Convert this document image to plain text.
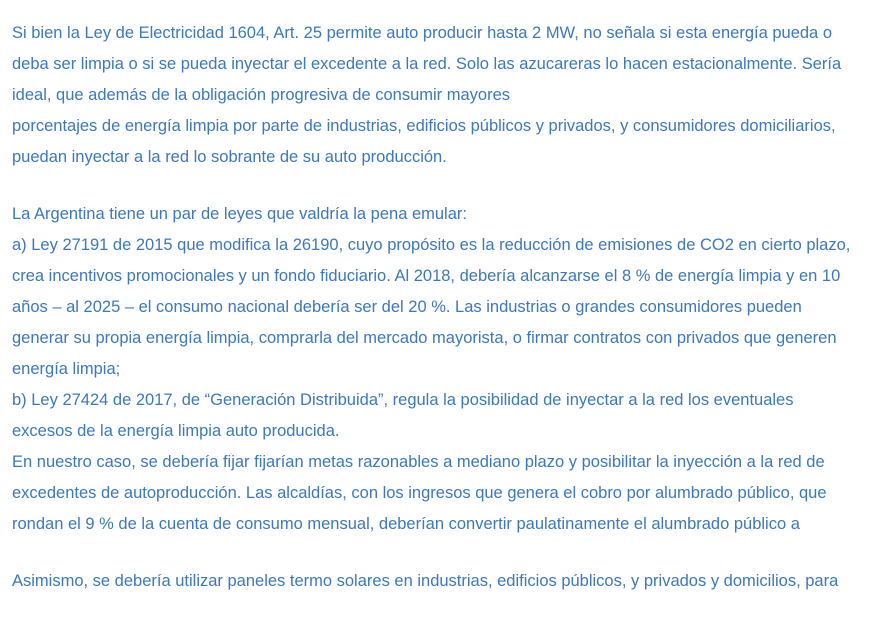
Si bien la Ley de Electricidad 1604, Art. 25 permite auto producir hasta 2 MW, no señala si esta energía pueda o
deba ser limpia o si se pueda inyectar el excedente a la red. Solo las azucareras lo hacen estacionalmente. Sería
ideal, que además de la obligación progresiva de consumir mayores
porcentajes de energía limpia por parte de industrias, edificios públicos y privados, y consumidores domiciliarios,
puedan inyectar a la red lo sobrante de su auto producción.
La Argentina tiene un par de leyes que valdría la pena emular:
a) Ley 27191 de 2015 que modifica la 26190, cuyo propósito es la reducción de emisiones de CO2 en cierto plazo,
crea incentivos promocionales y un fondo fiduciario. Al 2018, debería alcanzarse el 8 % de energía limpia y en 10
años – al 2025 – el consumo nacional debería ser del 20 %. Las industrias o grandes consumidores pueden
generar su propia energía limpia, comprarla del mercado mayorista, o firmar contratos con privados que generen
energía limpia;
b) Ley 27424 de 2017, de “Generación Distribuida”, regula la posibilidad de inyectar a la red los eventuales
excesos de la energía limpia auto producida.
En nuestro caso, se debería fijar fijarían metas razonables a mediano plazo y posibilitar la inyección a la red de
excedentes de autoproducción. Las alcaldías, con los ingresos que genera el cobro por alumbrado público, que
rondan el 9 % de la cuenta de consumo mensual, deberían convertir paulatinamente el alumbrado público a
Asimismo, se debería utilizar paneles termo solares en industrias, edificios públicos, y privados y domicilios, para
